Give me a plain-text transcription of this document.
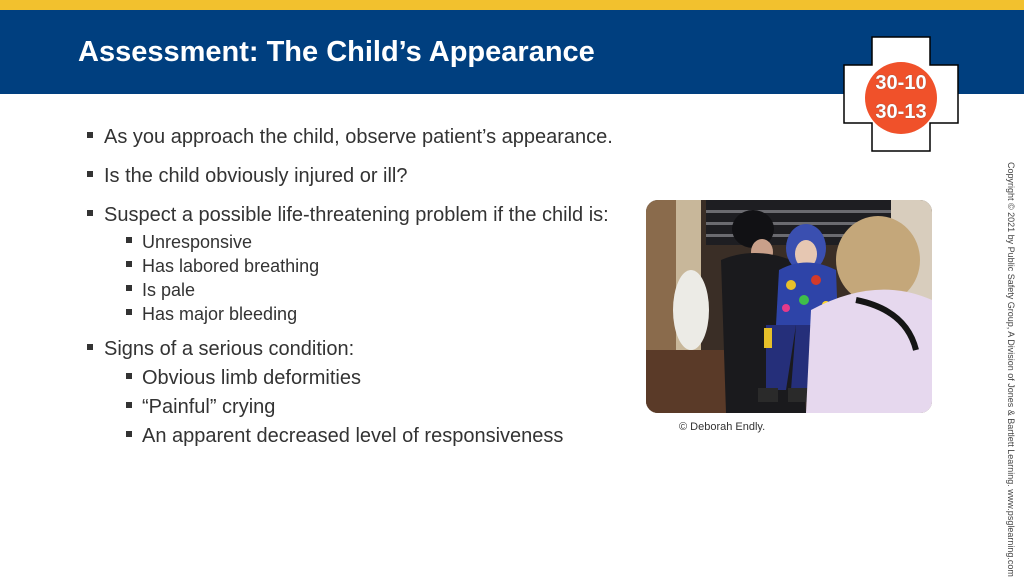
Assessment: The Child’s Appearance
30-10
30-13
As you approach the child, observe patient’s appearance.
Is the child obviously injured or ill?
Suspect a possible life-threatening problem if the child is:
Unresponsive
Has labored breathing
Is pale
Has major bleeding
Signs of a serious condition:
Obvious limb deformities
“Painful” crying
An apparent decreased level of responsiveness	© Deborah Endly.	Copyright © 2021 by Public Safety Group, A Division of Jones & Bartlett Learning. www.psglearning.com
